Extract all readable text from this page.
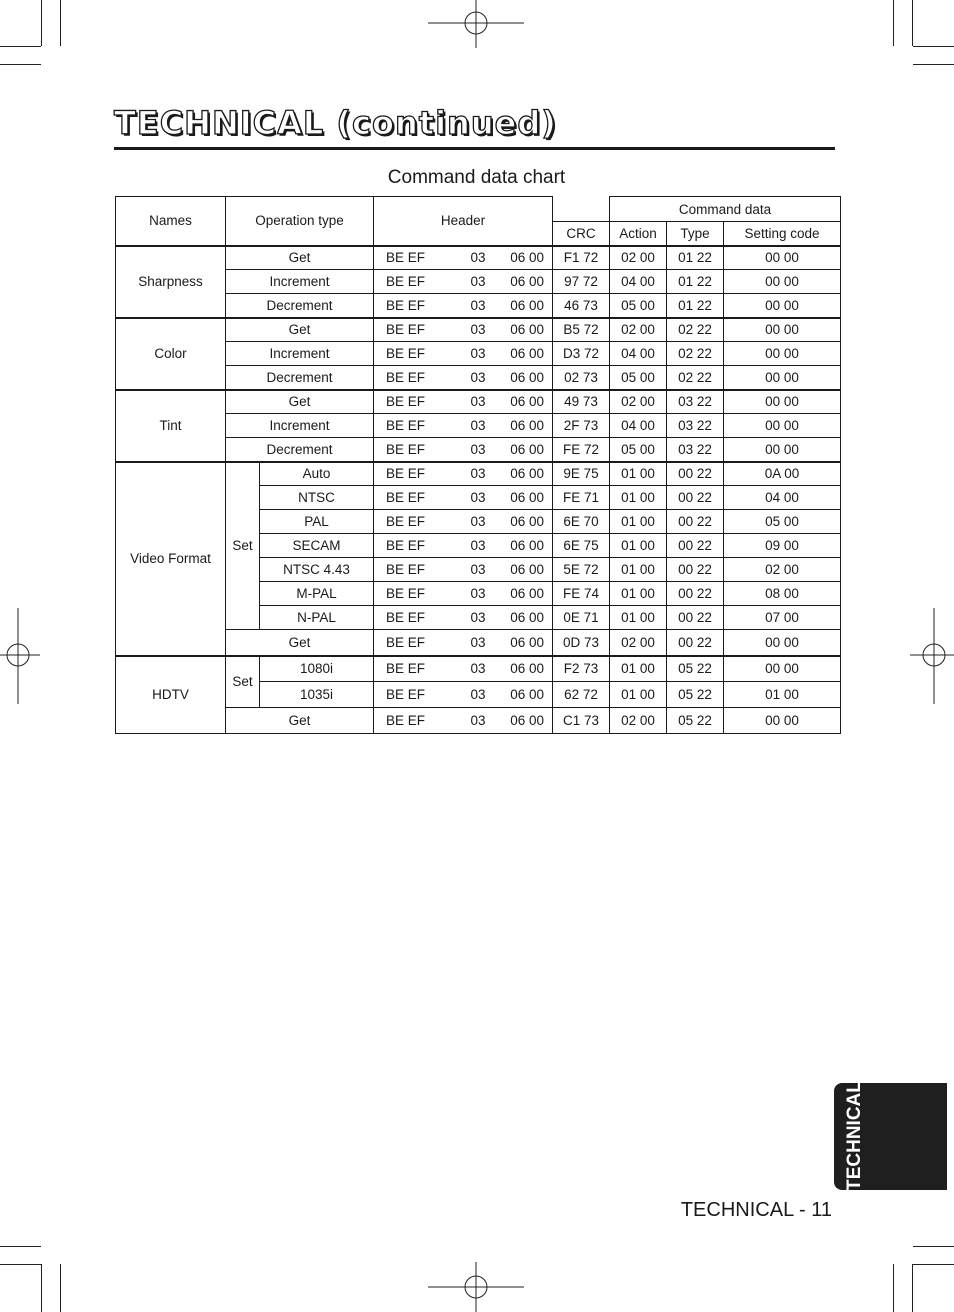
TECHNICAL (continued)
Command data chart
Names	Operation type		Header		Command data		
				CRC	Action	Type	Setting code
Sharpness	Get		BE EF 03 06 00	F1 72	02 00	01 22	00 00
	Increment		BE EF 03 06 00	97 72	04 00	01 22	00 00
	Decrement		BE EF 03 06 00	46 73	05 00	01 22	00 00
Color	Get		BE EF 03 06 00	B5 72	02 00	02 22	00 00
	Increment		BE EF 03 06 00	D3 72	04 00	02 22	00 00
	Decrement		BE EF 03 06 00	02 73	05 00	02 22	00 00
Tint	Get		BE EF 03 06 00	49 73	02 00	03 22	00 00
	Increment		BE EF 03 06 00	2F 73	04 00	03 22	00 00
	Decrement		BE EF 03 06 00	FE 72	05 00	03 22	00 00
Video Format	Set	Auto	BE EF 03 06 00	9E 75	01 00	00 22	0A 00
		NTSC	BE EF 03 06 00	FE 71	01 00	00 22	04 00
		PAL	BE EF 03 06 00	6E 70	01 00	00 22	05 00
		SECAM	BE EF 03 06 00	6E 75	01 00	00 22	09 00
		NTSC 4.43	BE EF 03 06 00	5E 72	01 00	00 22	02 00
		M-PAL	BE EF 03 06 00	FE 74	01 00	00 22	08 00
		N-PAL	BE EF 03 06 00	0E 71	01 00	00 22	07 00
	Get		BE EF 03 06 00	0D 73	02 00	00 22	00 00
HDTV	Set	1080i	BE EF 03 06 00	F2 73	01 00	05 22	00 00
		1035i	BE EF 03 06 00	62 72	01 00	05 22	01 00
	Get		BE EF 03 06 00	C1 73	02 00	05 22	00 00
TECHNICAL
TECHNICAL - 11
